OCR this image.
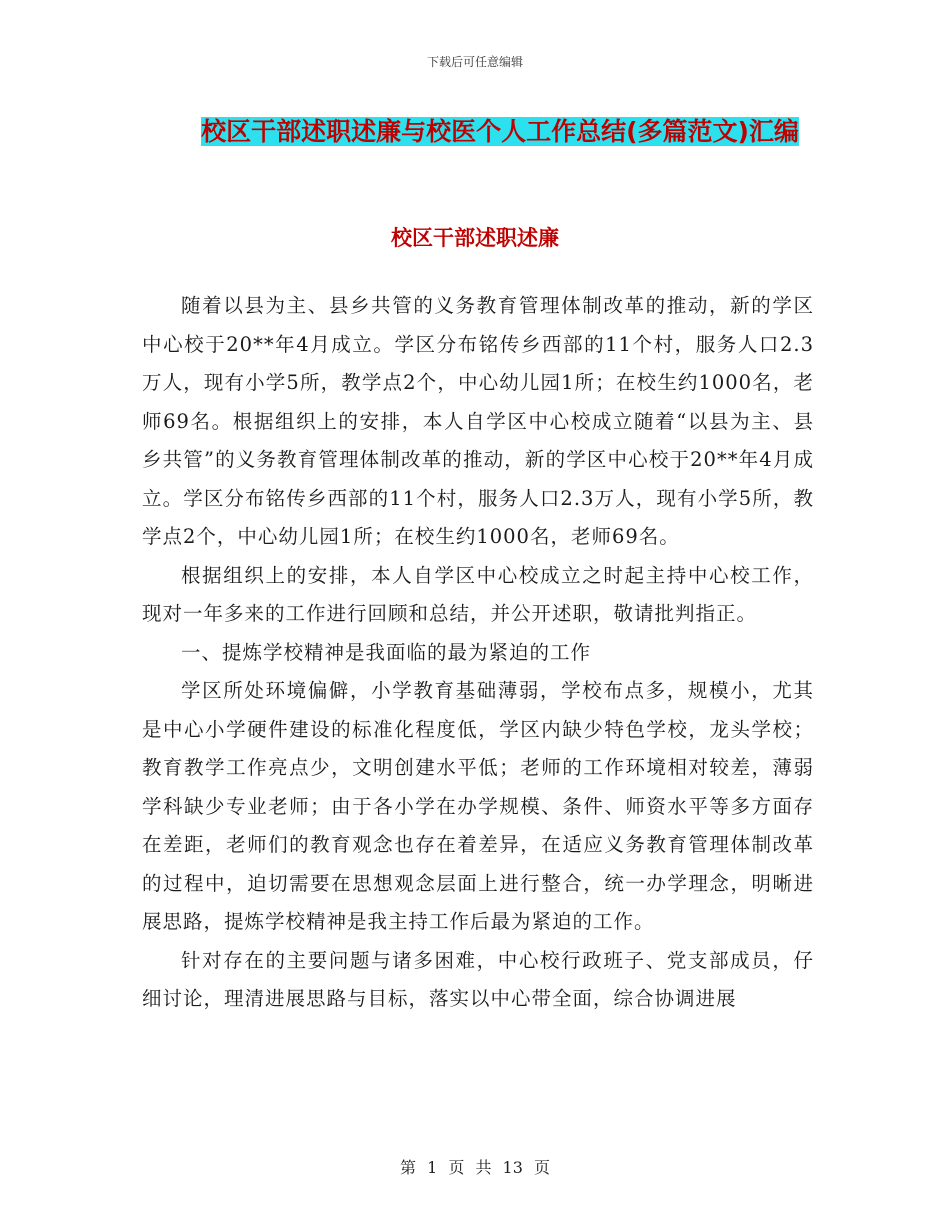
下载后可任意编辑
校区干部述职述廉与校医个人工作总结(多篇范文)汇编
校区干部述职述廉

随着以县为主、县乡共管的义务教育管理体制改革的推动，新的学区中心校于20**年4月成立。学区分布铭传乡西部的11个村，服务人口2.3万人，现有小学5所，教学点2个，中心幼儿园1所；在校生约1000名，老师69名。根据组织上的安排，本人自学区中心校成立随着“以县为主、县乡共管”的义务教育管理体制改革的推动，新的学区中心校于20**年4月成立。学区分布铭传乡西部的11个村，服务人口2.3万人，现有小学5所，教学点2个，中心幼儿园1所；在校生约1000名，老师69名。

根据组织上的安排，本人自学区中心校成立之时起主持中心校工作，现对一年多来的工作进行回顾和总结，并公开述职，敬请批判指正。

一、提炼学校精神是我面临的最为紧迫的工作

学区所处环境偏僻，小学教育基础薄弱，学校布点多，规模小，尤其是中心小学硬件建设的标准化程度低，学区内缺少特色学校，龙头学校；教育教学工作亮点少，文明创建水平低；老师的工作环境相对较差，薄弱学科缺少专业老师；由于各小学在办学规模、条件、师资水平等多方面存在差距，老师们的教育观念也存在着差异，在适应义务教育管理体制改革的过程中，迫切需要在思想观念层面上进行整合，统一办学理念，明晰进展思路，提炼学校精神是我主持工作后最为紧迫的工作。

针对存在的主要问题与诸多困难，中心校行政班子、党支部成员，仔细讨论，理清进展思路与目标，落实以中心带全面，综合协调进展

第 1 页 共 13 页
